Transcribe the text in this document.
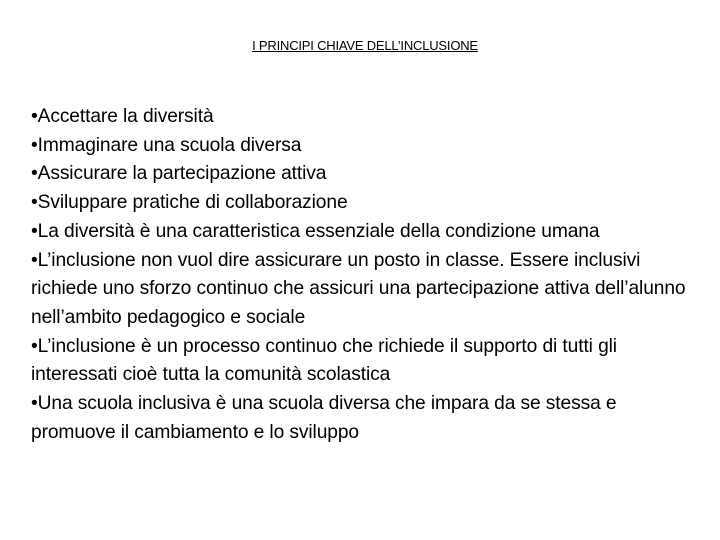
I PRINCIPI CHIAVE DELL’INCLUSIONE
•Accettare la diversità
•Immaginare una scuola diversa
•Assicurare la partecipazione attiva
•Sviluppare pratiche di collaborazione
•La diversità è una caratteristica essenziale della condizione umana
•L’inclusione non vuol dire assicurare un posto in classe. Essere inclusivi richiede uno sforzo continuo che assicuri una partecipazione attiva dell’alunno nell’ambito pedagogico e sociale
•L’inclusione è un processo continuo che richiede il supporto di tutti gli interessati cioè tutta la comunità scolastica
•Una scuola inclusiva è una scuola diversa che impara da se stessa e promuove il cambiamento e lo sviluppo
